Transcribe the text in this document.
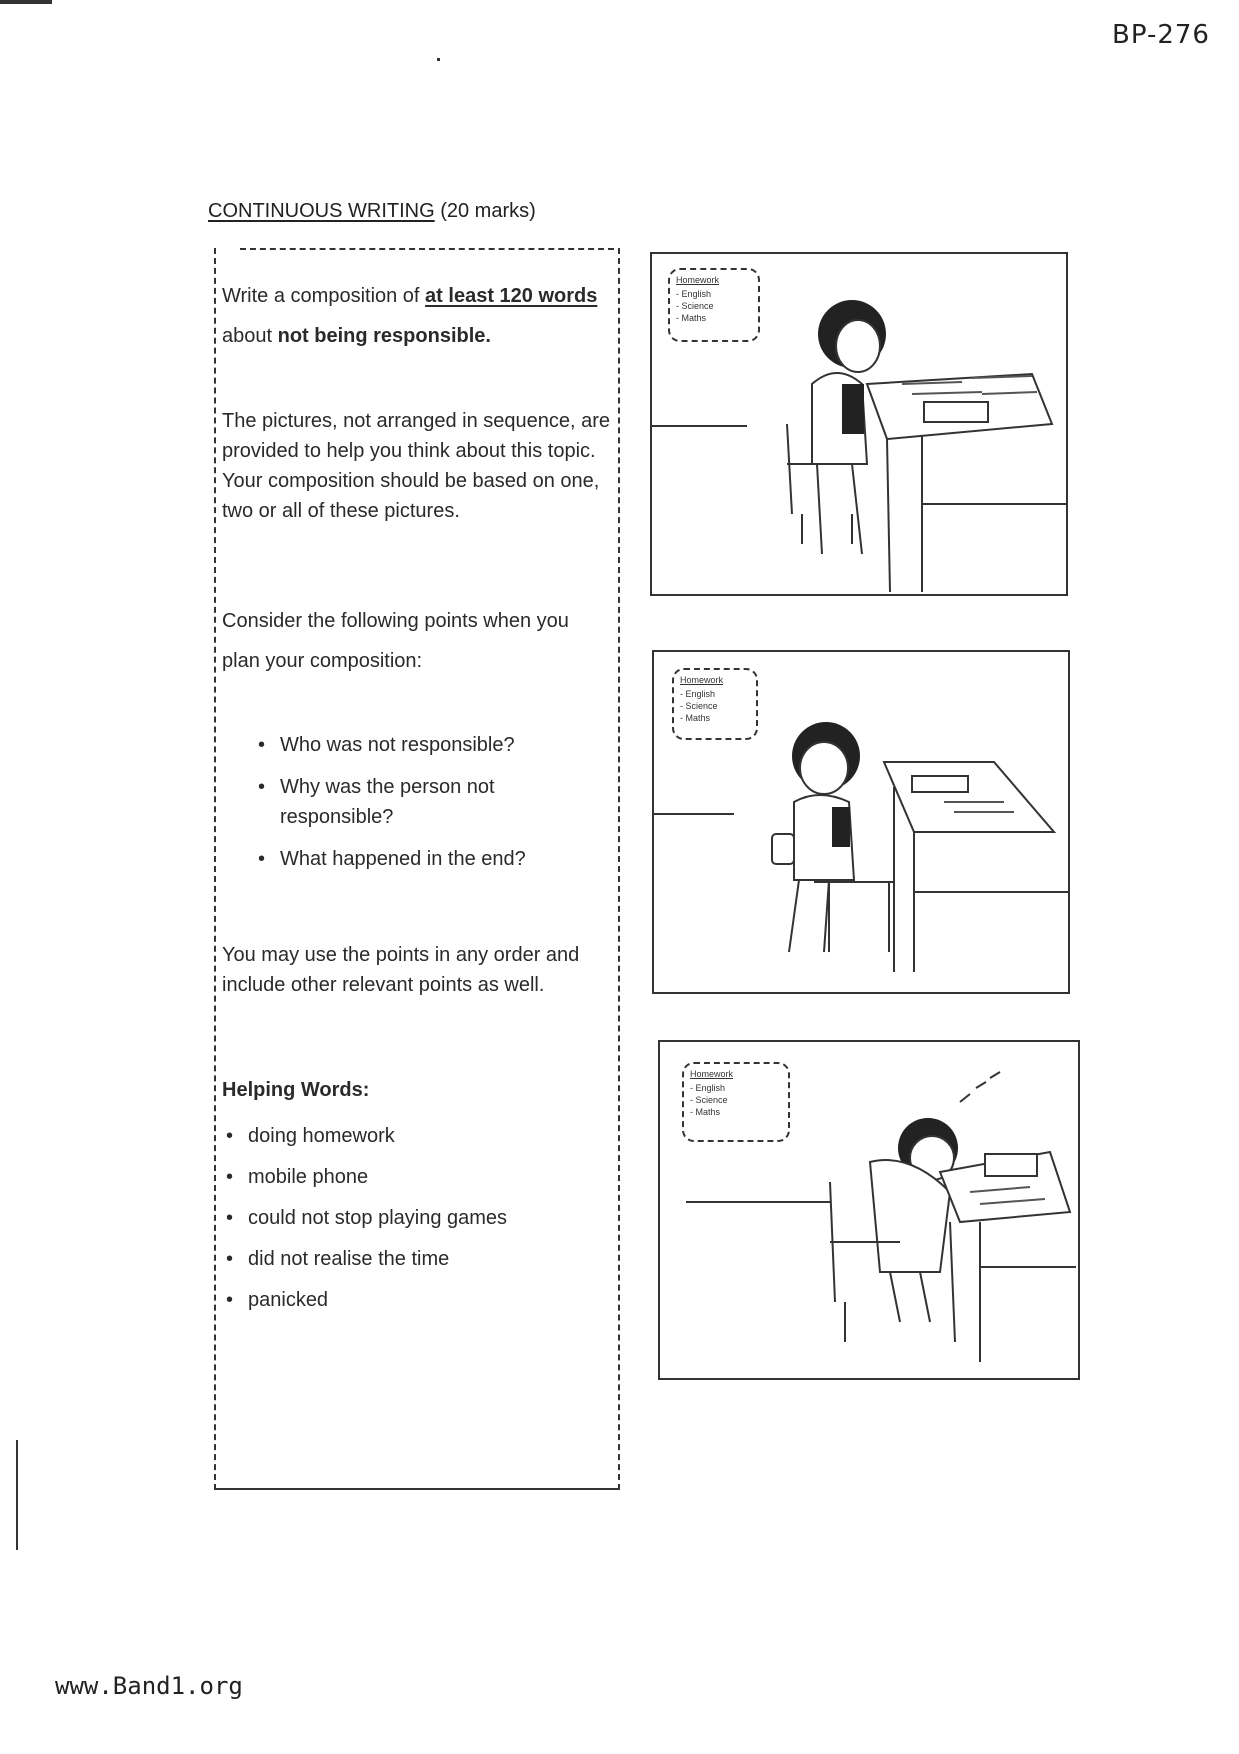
BP-276
CONTINUOUS WRITING (20 marks)
Write a composition of at least 120 words about not being responsible.
The pictures, not arranged in sequence, are provided to help you think about this topic. Your composition should be based on one, two or all of these pictures.
Consider the following points when you plan your composition:
• Who was not responsible?
• Why was the person not responsible?
• What happened in the end?
You may use the points in any order and include other relevant points as well.
Helping Words:
• doing homework
• mobile phone
• could not stop playing games
• did not realise the time
• panicked
Homework
- English
- Science
- Maths
Homework
- English
- Science
- Maths
Homework
- English
- Science
- Maths
www.Band1.org
